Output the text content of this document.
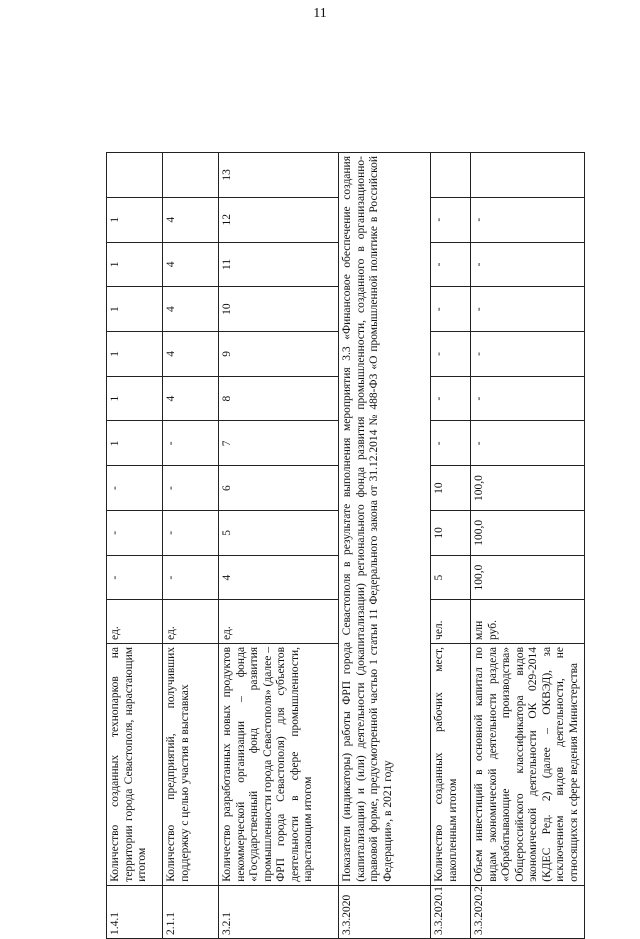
11
1.4.1	Количество созданных технопарков на территории города Севастополя, нарастающим итогом	ед.	-	-	-	1	1	1	1	1	1	
2.1.1	Количество предприятий, получивших поддержку с целью участия в выставках	ед.	-	-	-	-	4	4	4	4	4	
3.2.1	Количество разработанных новых продуктов некоммерческой организации – фонда «Государственный фонд развития промышленности города Севастополя» (далее – ФРП города Севастополя) для субъектов деятельности в сфере промышленности, нарастающим итогом	ед.	4	5	6	7	8	9	10	11	12	13
3.3.2020	Показатели (индикаторы) работы ФРП города Севастополя в результате выполнения мероприятия 3.3 «Финансовое обеспечение создания (капитализации) и (или) деятельности (докапитализации) регионального фонда развития промышленности, созданного в организационно-правовой форме, предусмотренной частью 1 статьи 11 Федерального закона от 31.12.2014 № 488-ФЗ «О промышленной политике в Российской Федерации», в 2021 году											
3.3.2020.1	Количество созданных рабочих мест, накопленным итогом	чел.	5	10	10	-	-	-	-	-	-	
3.3.2020.2	Объем инвестиций в основной капитал по видам экономической деятельности раздела «Обрабатывающие производства» Общероссийского классификатора видов экономической деятельности ОК 029-2014 (КДЕС Ред. 2) (далее – ОКВЭД), за исключением видов деятельности, не относящихся к сфере ведения Министерства	млн руб.	100,0	100,0	100,0	-	-	-	-	-	-	
